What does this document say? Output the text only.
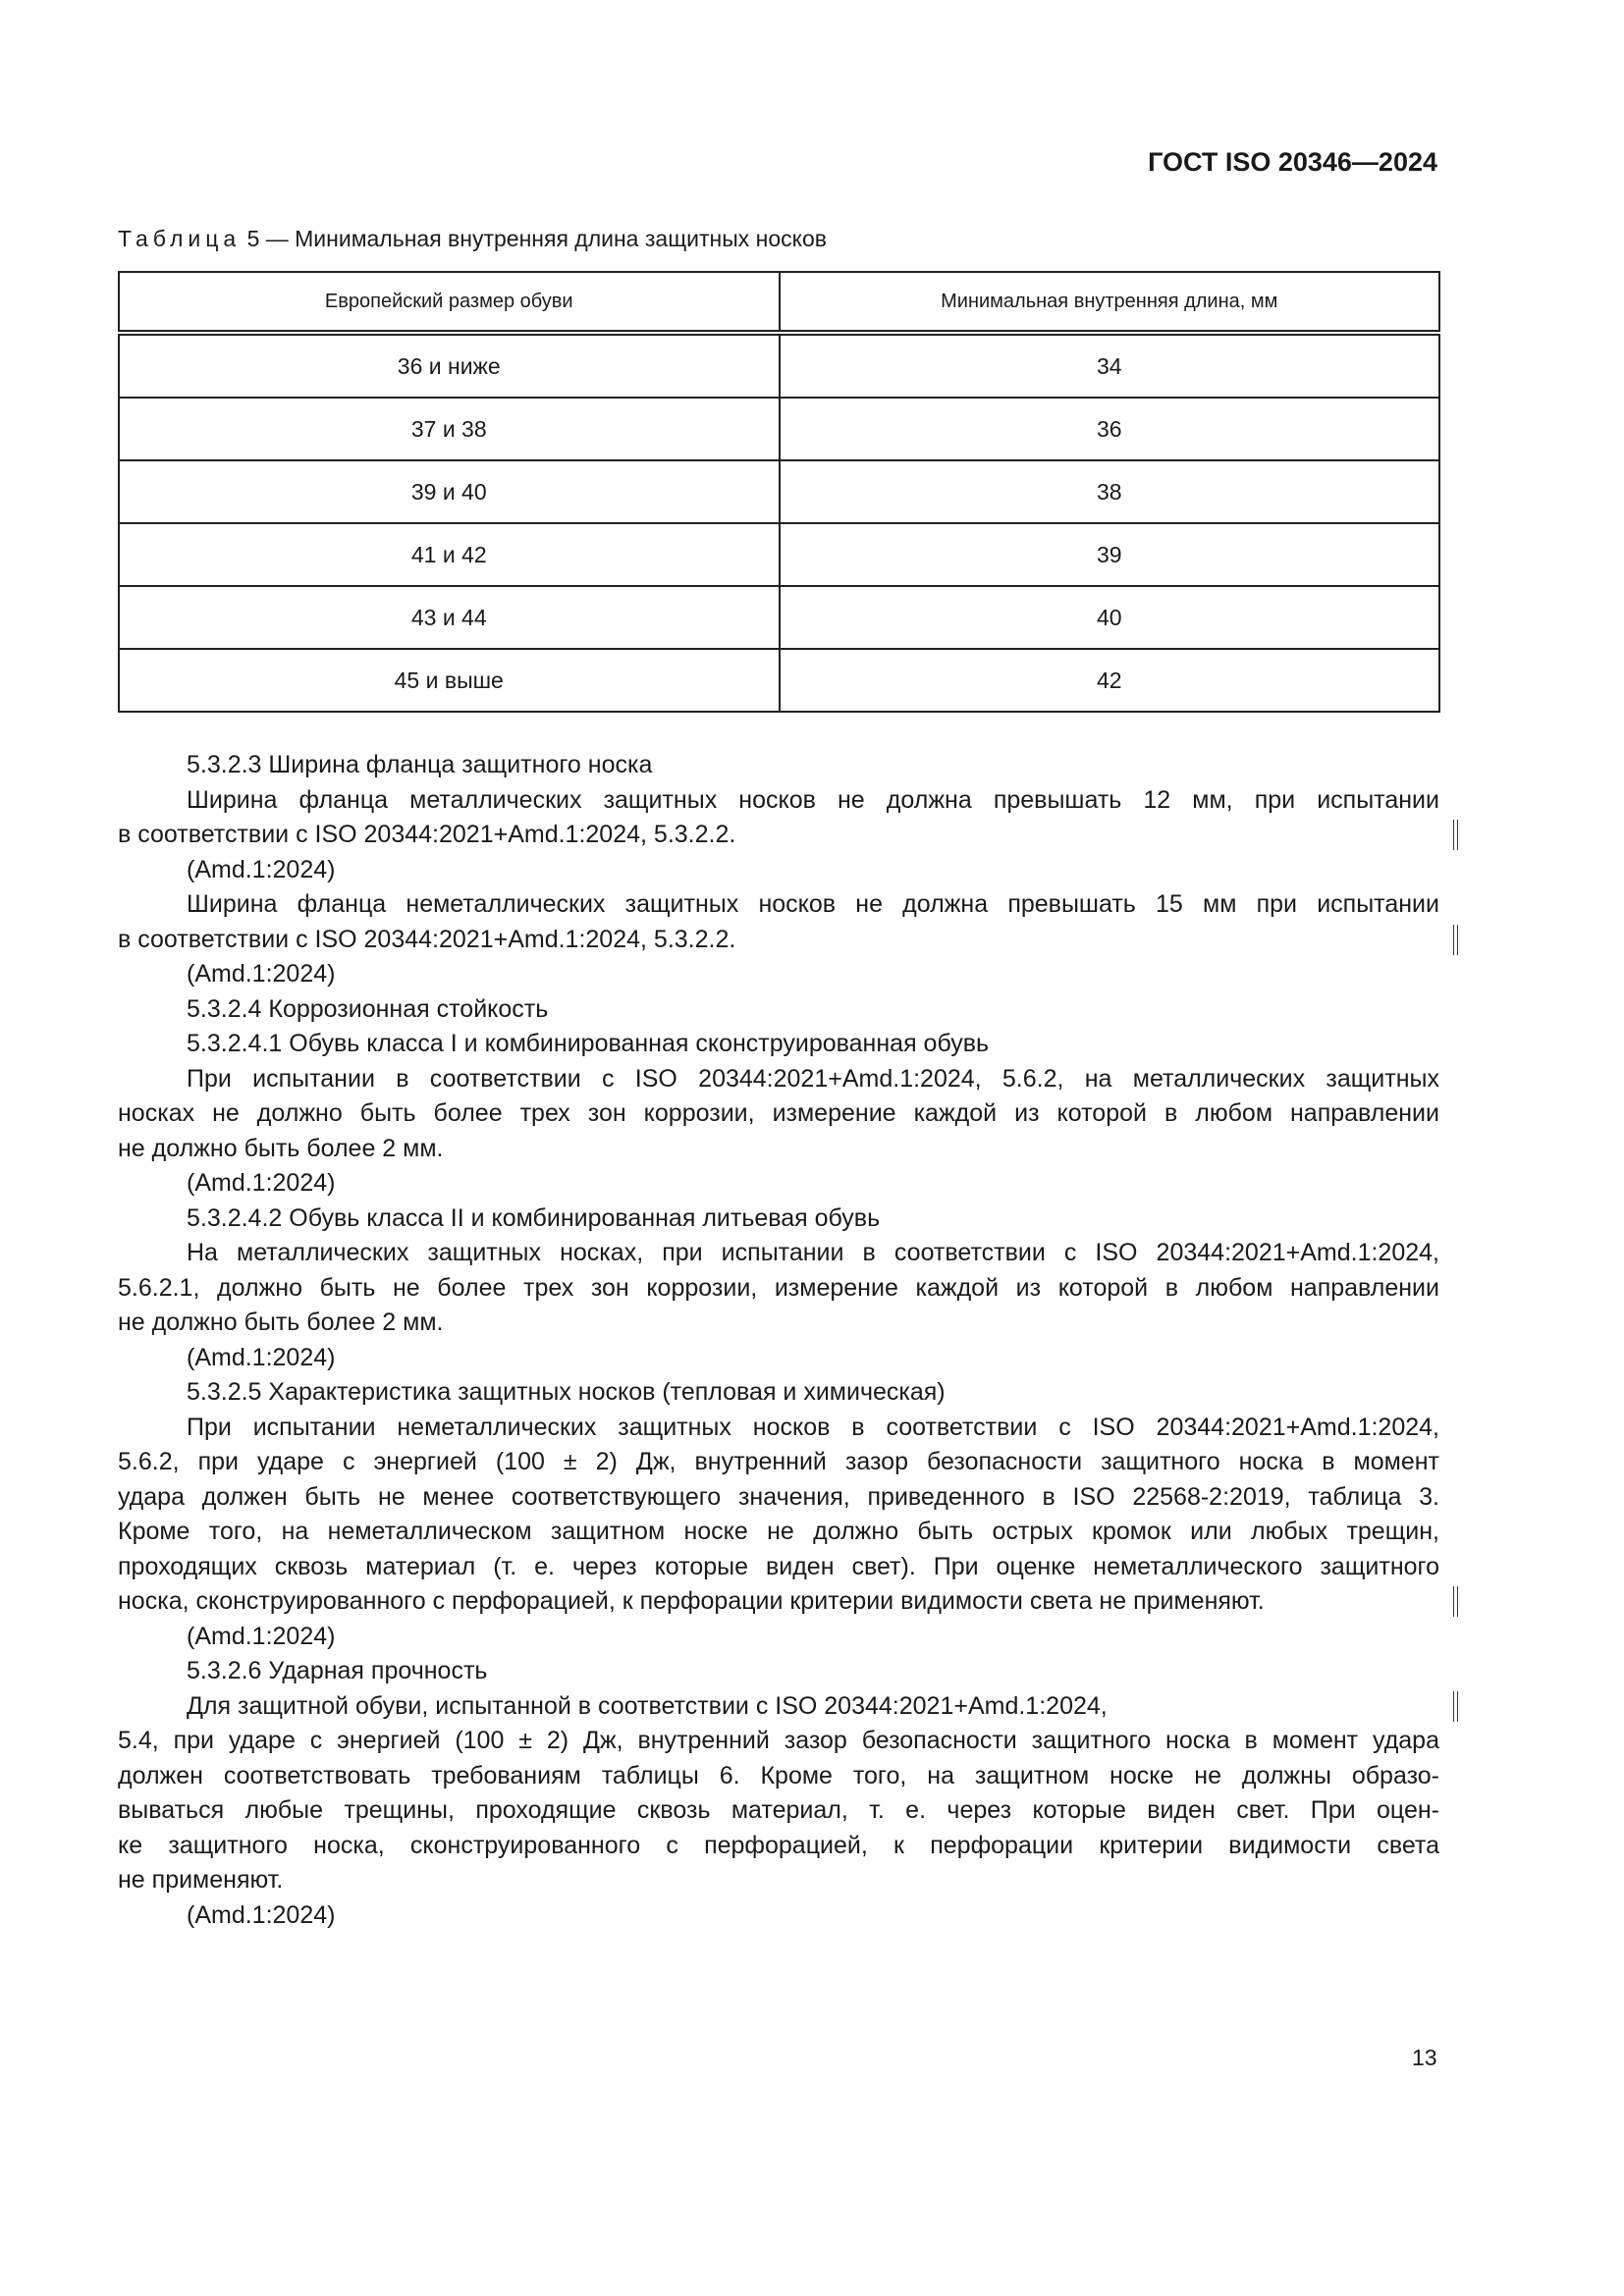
ГОСТ ISO 20346—2024
Таблица 5 — Минимальная внутренняя длина защитных носков
Европейский размер обуви	Минимальная внутренняя длина, мм
36 и ниже	34
37 и 38	36
39 и 40	38
41 и 42	39
43 и 44	40
45 и выше	42
5.3.2.3 Ширина фланца защитного носка
Ширина фланца металлических защитных носков не должна превышать 12 мм, при испытании
в соответствии с ISO 20344:2021+Amd.1:2024, 5.3.2.2.
(Amd.1:2024)
Ширина фланца неметаллических защитных носков не должна превышать 15 мм при испытании
в соответствии с ISO 20344:2021+Amd.1:2024, 5.3.2.2.
(Amd.1:2024)
5.3.2.4 Коррозионная стойкость
5.3.2.4.1 Обувь класса I и комбинированная сконструированная обувь
При испытании в соответствии с ISO 20344:2021+Amd.1:2024, 5.6.2, на металлических защитных
носках не должно быть более трех зон коррозии, измерение каждой из которой в любом направлении
не должно быть более 2 мм.
(Amd.1:2024)
5.3.2.4.2 Обувь класса II и комбинированная литьевая обувь
На металлических защитных носках, при испытании в соответствии с ISO 20344:2021+Amd.1:2024,
5.6.2.1, должно быть не более трех зон коррозии, измерение каждой из которой в любом направлении
не должно быть более 2 мм.
(Amd.1:2024)
5.3.2.5 Характеристика защитных носков (тепловая и химическая)
При испытании неметаллических защитных носков в соответствии с ISO 20344:2021+Amd.1:2024,
5.6.2, при ударе с энергией (100 ± 2) Дж, внутренний зазор безопасности защитного носка в момент
удара должен быть не менее соответствующего значения, приведенного в ISO 22568-2:2019, таблица 3.
Кроме того, на неметаллическом защитном носке не должно быть острых кромок или любых трещин,
проходящих сквозь материал (т. е. через которые виден свет). При оценке неметаллического защитного
носка, сконструированного с перфорацией, к перфорации критерии видимости света не применяют.
(Amd.1:2024)
5.3.2.6 Ударная прочность
Для защитной обуви, испытанной в соответствии с ISO 20344:2021+Amd.1:2024,
5.4, при ударе с энергией (100 ± 2) Дж, внутренний зазор безопасности защитного носка в момент удара
должен соответствовать требованиям таблицы 6. Кроме того, на защитном носке не должны образо-
вываться любые трещины, проходящие сквозь материал, т. е. через которые виден свет. При оцен-
ке защитного носка, сконструированного с перфорацией, к перфорации критерии видимости света
не применяют.
(Amd.1:2024)
13
